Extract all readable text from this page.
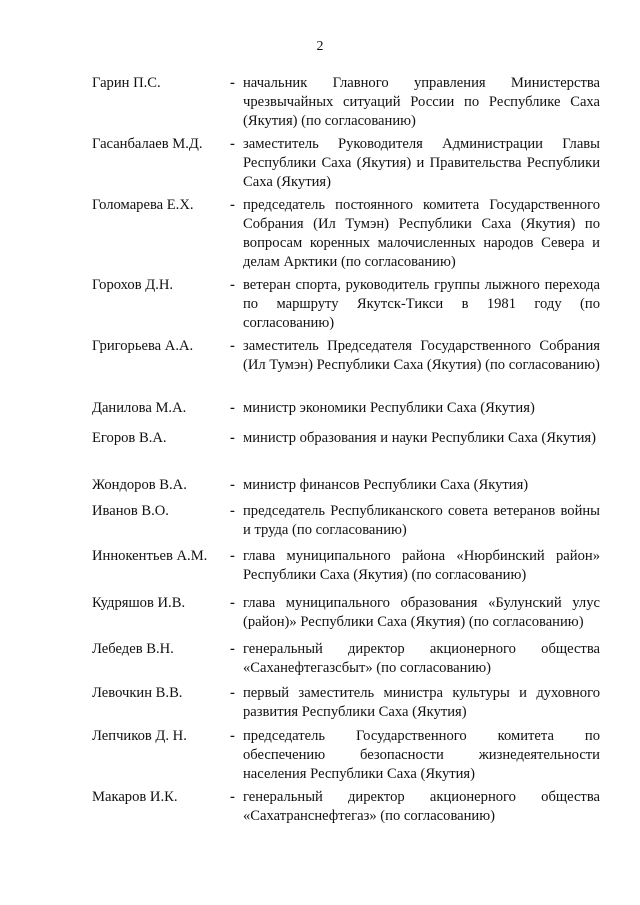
2
Гарин П.С.	- начальник Главного управления Министерства чрезвычайных ситуаций России по Республике Саха (Якутия) (по согласованию)
Гасанбалаев М.Д.	- заместитель Руководителя Администрации Главы Республики Саха (Якутия) и Правительства Республики Саха (Якутия)
Голомарева Е.Х.	- председатель постоянного комитета Государственного Собрания (Ил Тумэн) Республики Саха (Якутия) по вопросам коренных малочисленных народов Севера и делам Арктики (по согласованию)
Горохов Д.Н.	- ветеран спорта, руководитель группы лыжного перехода по маршруту Якутск-Тикси в 1981 году (по согласованию)
Григорьева А.А.	- заместитель Председателя Государственного Собрания (Ил Тумэн) Республики Саха (Якутия) (по согласованию)
Данилова М.А.	- министр экономики Республики Саха (Якутия)
Егоров В.А.	- министр образования и науки Республики Саха (Якутия)
Жондоров В.А.	- министр финансов Республики Саха (Якутия)
Иванов В.О.	- председатель Республиканского совета ветеранов войны и труда (по согласованию)
Иннокентьев А.М.	- глава муниципального района «Нюрбинский район» Республики Саха (Якутия) (по согласованию)
Кудряшов И.В.	- глава муниципального образования «Булунский улус (район)» Республики Саха (Якутия) (по согласованию)
Лебедев В.Н.	- генеральный директор акционерного общества «Саханефтегазсбыт» (по согласованию)
Левочкин В.В.	- первый заместитель министра культуры и духовного развития Республики Саха (Якутия)
Лепчиков Д. Н.	- председатель Государственного комитета по обеспечению безопасности жизнедеятельности населения Республики Саха (Якутия)
Макаров И.К.	- генеральный директор акционерного общества «Сахатранснефтегаз» (по согласованию)
